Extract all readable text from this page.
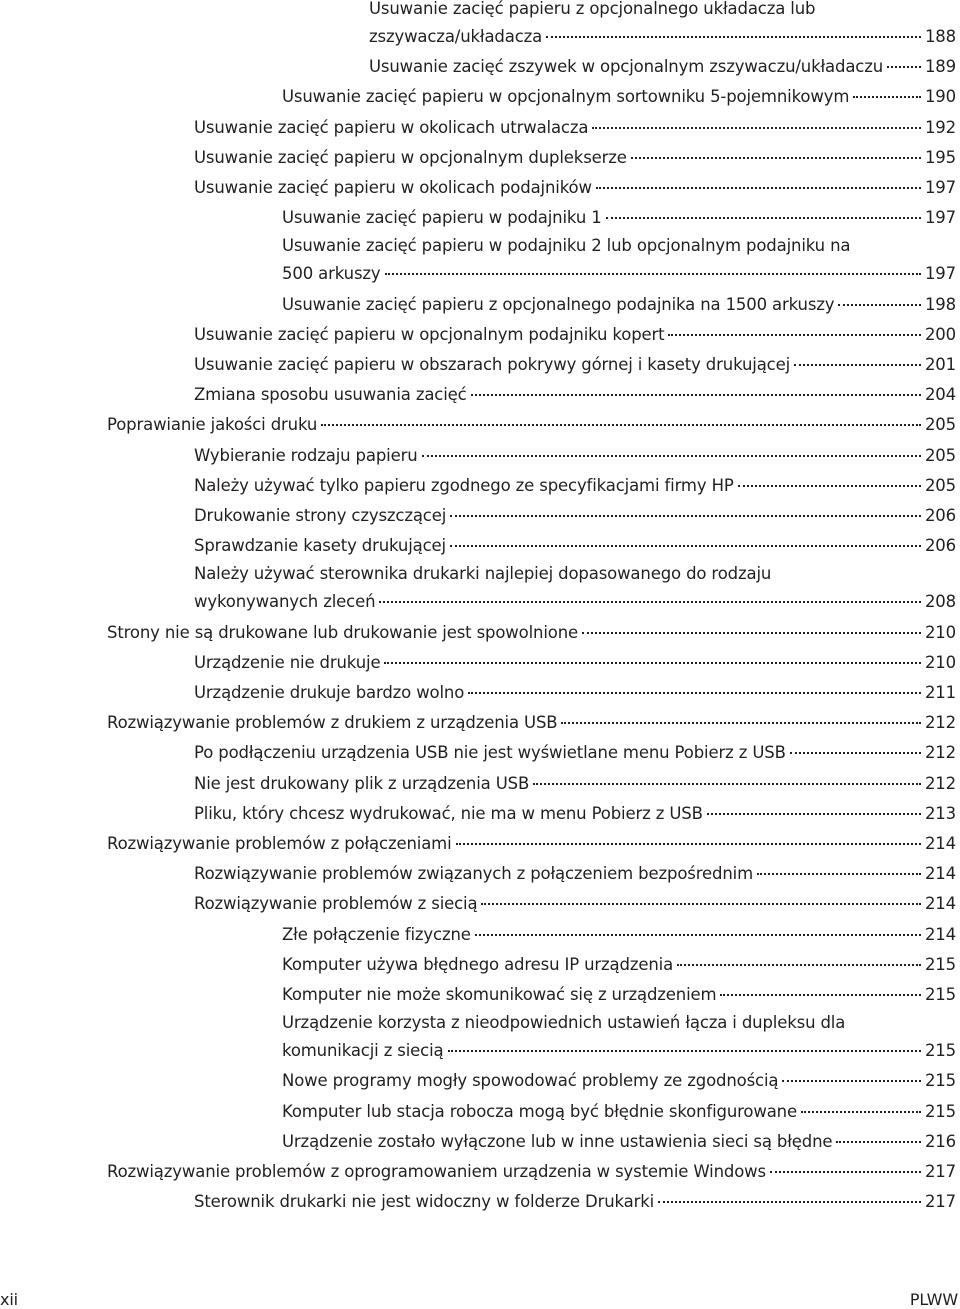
Usuwanie zacięć papieru z opcjonalnego układacza lub
zszywacza/układacza	188
Usuwanie zacięć zszywek w opcjonalnym zszywaczu/układaczu	189
Usuwanie zacięć papieru w opcjonalnym sortowniku 5-pojemnikowym	190
Usuwanie zacięć papieru w okolicach utrwalacza	192
Usuwanie zacięć papieru w opcjonalnym duplekserze	195
Usuwanie zacięć papieru w okolicach podajników	197
Usuwanie zacięć papieru w podajniku 1	197
Usuwanie zacięć papieru w podajniku 2 lub opcjonalnym podajniku na
500 arkuszy	197
Usuwanie zacięć papieru z opcjonalnego podajnika na 1500 arkuszy	198
Usuwanie zacięć papieru w opcjonalnym podajniku kopert	200
Usuwanie zacięć papieru w obszarach pokrywy górnej i kasety drukującej	201
Zmiana sposobu usuwania zacięć	204
Poprawianie jakości druku	205
Wybieranie rodzaju papieru	205
Należy używać tylko papieru zgodnego ze specyfikacjami firmy HP	205
Drukowanie strony czyszczącej	206
Sprawdzanie kasety drukującej	206
Należy używać sterownika drukarki najlepiej dopasowanego do rodzaju
wykonywanych zleceń	208
Strony nie są drukowane lub drukowanie jest spowolnione	210
Urządzenie nie drukuje	210
Urządzenie drukuje bardzo wolno	211
Rozwiązywanie problemów z drukiem z urządzenia USB	212
Po podłączeniu urządzenia USB nie jest wyświetlane menu Pobierz z USB	212
Nie jest drukowany plik z urządzenia USB	212
Pliku, który chcesz wydrukować, nie ma w menu Pobierz z USB	213
Rozwiązywanie problemów z połączeniami	214
Rozwiązywanie problemów związanych z połączeniem bezpośrednim	214
Rozwiązywanie problemów z siecią	214
Złe połączenie fizyczne	214
Komputer używa błędnego adresu IP urządzenia	215
Komputer nie może skomunikować się z urządzeniem	215
Urządzenie korzysta z nieodpowiednich ustawień łącza i dupleksu dla
komunikacji z siecią	215
Nowe programy mogły spowodować problemy ze zgodnością	215
Komputer lub stacja robocza mogą być błędnie skonfigurowane	215
Urządzenie zostało wyłączone lub w inne ustawienia sieci są błędne	216
Rozwiązywanie problemów z oprogramowaniem urządzenia w systemie Windows	217
Sterownik drukarki nie jest widoczny w folderze Drukarki	217
xii	PLWW
